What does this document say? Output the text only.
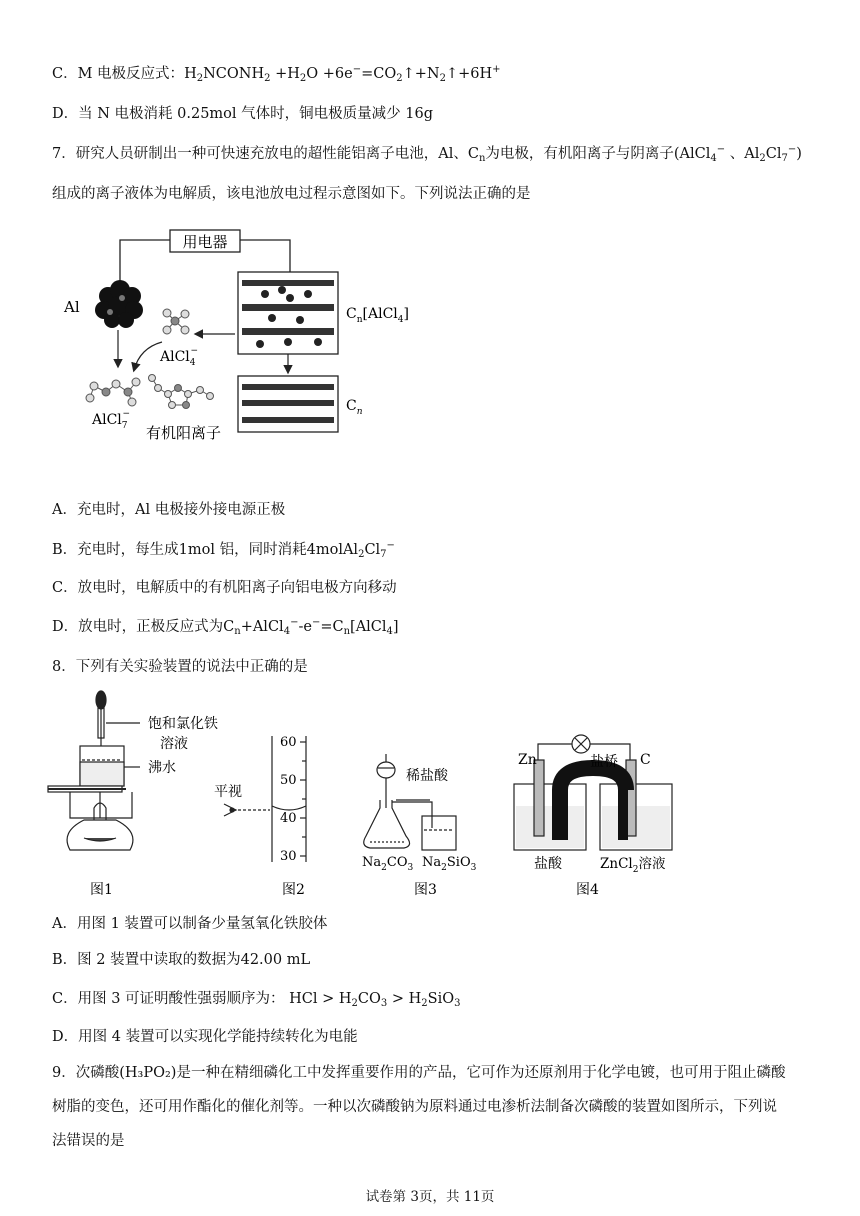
C．M 电极反应式：$H_2NCONH_2 +H_2O$ $+6e^-=CO_2↑+N_2↑+6H^+$
D．当 N 电极消耗 0.25mol 气体时，铜电极质量减少 16g
7．研究人员研制出一种可快速充放电的超性能铝离子电池，Al、$C_n$为电极，有机阳离子与阴离子(AlCl$_4$− 、$Al_2Cl_7^-$)
组成的离子液体为电解质，该电池放电过程示意图如下。下列说法正确的是
用电器
Al
AlCl$_4$−
AlCl$_7$−
有机阳离子
$C_n[AlCl_4]$
$C_n$
A．充电时，Al 电极接外接电源正极
B．充电时，每生成1mol 铝，同时消耗$4molAl_2Cl_7^-$
C．放电时，电解质中的有机阳离子向铝电极方向移动
D．放电时，正极反应式为$C_n+AlCl_4^--e^-=C_n[AlCl_4]$
8．下列有关实验装置的说法中正确的是
饱和氯化铁
溶液
沸水
图1
60
50
40
30
平视
图2
稀盐酸
$Na_2CO_3$ $Na_2SiO_3$
图3
Zn	盐桥 C
盐酸	ZnCl$_2$溶液
图4
A．用图 1 装置可以制备少量氢氧化铁胶体
B．图 2 装置中读取的数据为42.00 mL
C．用图 3 可证明酸性强弱顺序为： HCl > $H_2CO_3 > H_2SiO_3$
D．用图 4 装置可以实现化学能持续转化为电能
9．次磷酸(H₃PO₂)是一种在精细磷化工中发挥重要作用的产品，它可作为还原剂用于化学电镀，也可用于阻止磷酸
树脂的变色，还可用作酯化的催化剂等。一种以次磷酸钠为原料通过电渗析法制备次磷酸的装置如图所示，下列说
法错误的是
试卷第 3页，共 11页
